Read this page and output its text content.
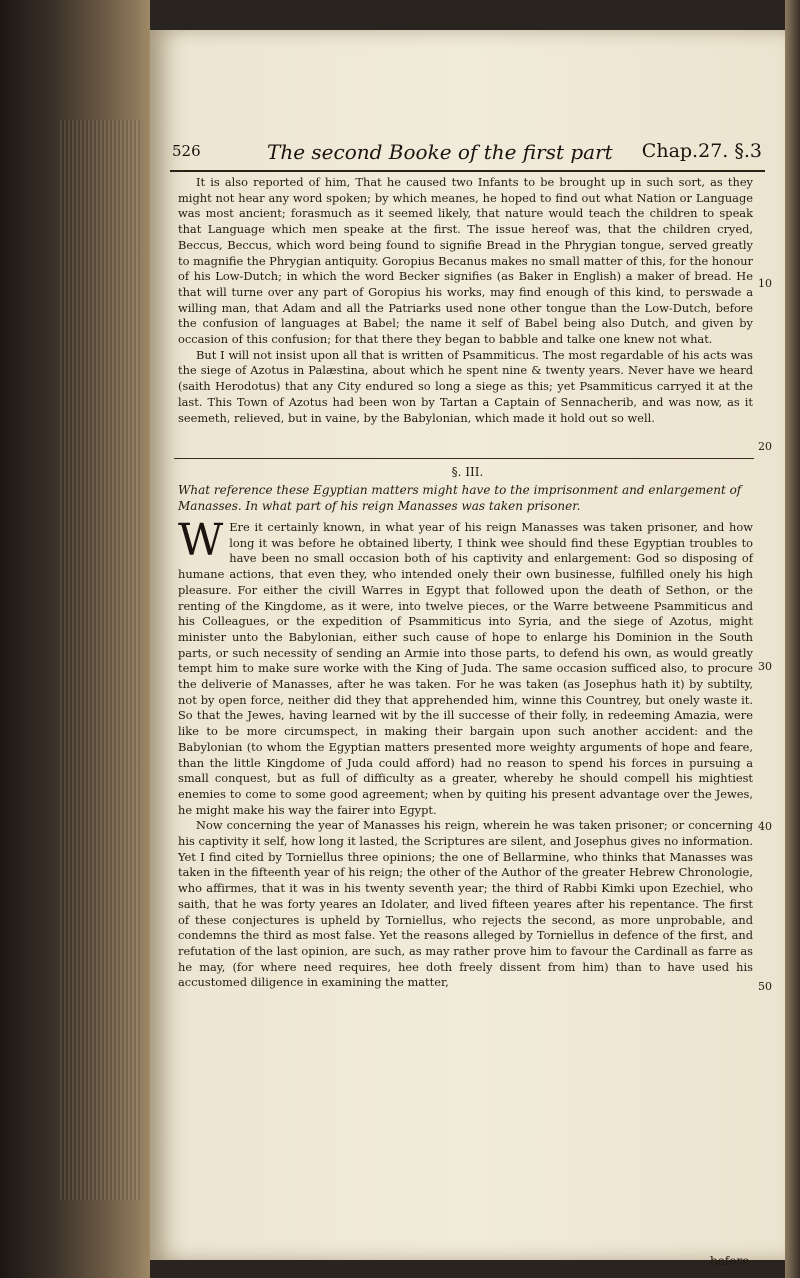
526	The second Booke of the first part Chap.27. §.3

It is also reported of him, That he caused two Infants to be brought up in such sort, as they might not hear any word spoken; by which meanes, he hoped to find out what Nation or Language was most ancient; forasmuch as it seemed likely, that nature would teach the children to speak that Language which men speake at the first. The issue hereof was, that the children cryed, Beccus, Beccus, which word being found to signifie Bread in the Phrygian tongue, served greatly to magnifie the Phrygian antiquity. Goropius Becanus makes no small matter of this, for the honour of his Low-Dutch; in which the word Becker signifies (as Baker in English) a maker of bread. He that will turne over any part of Goropius his works, may find enough of this kind, to perswade a willing man, that Adam and all the Patriarks used none other tongue than the Low-Dutch, before the confusion of languages at Babel; the name it self of Babel being also Dutch, and given by occasion of this confusion; for that there they began to babble and talke one knew not what.

But I will not insist upon all that is written of Psammiticus. The most regardable of his acts was the siege of Azotus in Palæstina, about which he spent nine & twenty years. Never have we heard (saith Herodotus) that any City endured so long a siege as this; yet Psammiticus carryed it at the last. This Town of Azotus had been won by Tartan a Captain of Sennacherib, and was now, as it seemeth, relieved, but in vaine, by the Babylonian, which made it hold out so well.

10
20
§. III.
What reference these Egyptian matters might have to the imprisonment and enlargement of Manasses. In what part of his reign Manasses was taken prisoner.

W Ere it certainly known, in what year of his reign Manasses was taken prisoner, and how long it was before he obtained liberty, I think wee should find these Egyptian troubles to have been no small occasion both of his captivity and enlargement: God so disposing of humane actions, that even they, who intended onely their own businesse, fulfilled onely his high pleasure. For either the civill Warres in Egypt that followed upon the death of Sethon, or the renting of the Kingdome, as it were, into twelve pieces, or the Warre betweene Psammiticus and his Colleagues, or the expedition of Psammiticus into Syria, and the siege of Azotus, might minister unto the Babylonian, either such cause of hope to enlarge his Dominion in the South parts, or such necessity of sending an Armie into those parts, to defend his own, as would greatly tempt him to make sure worke with the King of Juda. The same occasion sufficed also, to procure the deliverie of Manasses, after he was taken. For he was taken (as Josephus hath it) by subtilty, not by open force, neither did they that apprehended him, winne this Countrey, but onely waste it. So that the Jewes, having learned wit by the ill successe of their folly, in redeeming Amazia, were like to be more circumspect, in making their bargain upon such another accident: and the Babylonian (to whom the Egyptian matters presented more weighty arguments of hope and feare, than the little Kingdome of Juda could afford) had no reason to spend his forces in pursuing a small conquest, but as full of difficulty as a greater, whereby he should compell his mightiest enemies to come to some good agreement; when by quiting his present advantage over the Jewes, he might make his way the fairer into Egypt.

Now concerning the year of Manasses his reign, wherein he was taken prisoner; or concerning his captivity it self, how long it lasted, the Scriptures are silent, and Josephus gives no information. Yet I find cited by Torniellus three opinions; the one of Bellarmine, who thinks that Manasses was taken in the fifteenth year of his reign; the other of the Author of the greater Hebrew Chronologie, who affirmes, that it was in his twenty seventh year; the third of Rabbi Kimki upon Ezechiel, who saith, that he was forty yeares an Idolater, and lived fifteen yeares after his repentance. The first of these conjectures is upheld by Torniellus, who rejects the second, as more unprobable, and condemns the third as most false. Yet the reasons alleged by Torniellus in defence of the first, and refutation of the last opinion, are such, as may rather prove him to favour the Cardinall as farre as he may, (for where need requires, hee doth freely dissent from him) than to have used his accustomed diligence in examining the matter,

30
40
50
before
